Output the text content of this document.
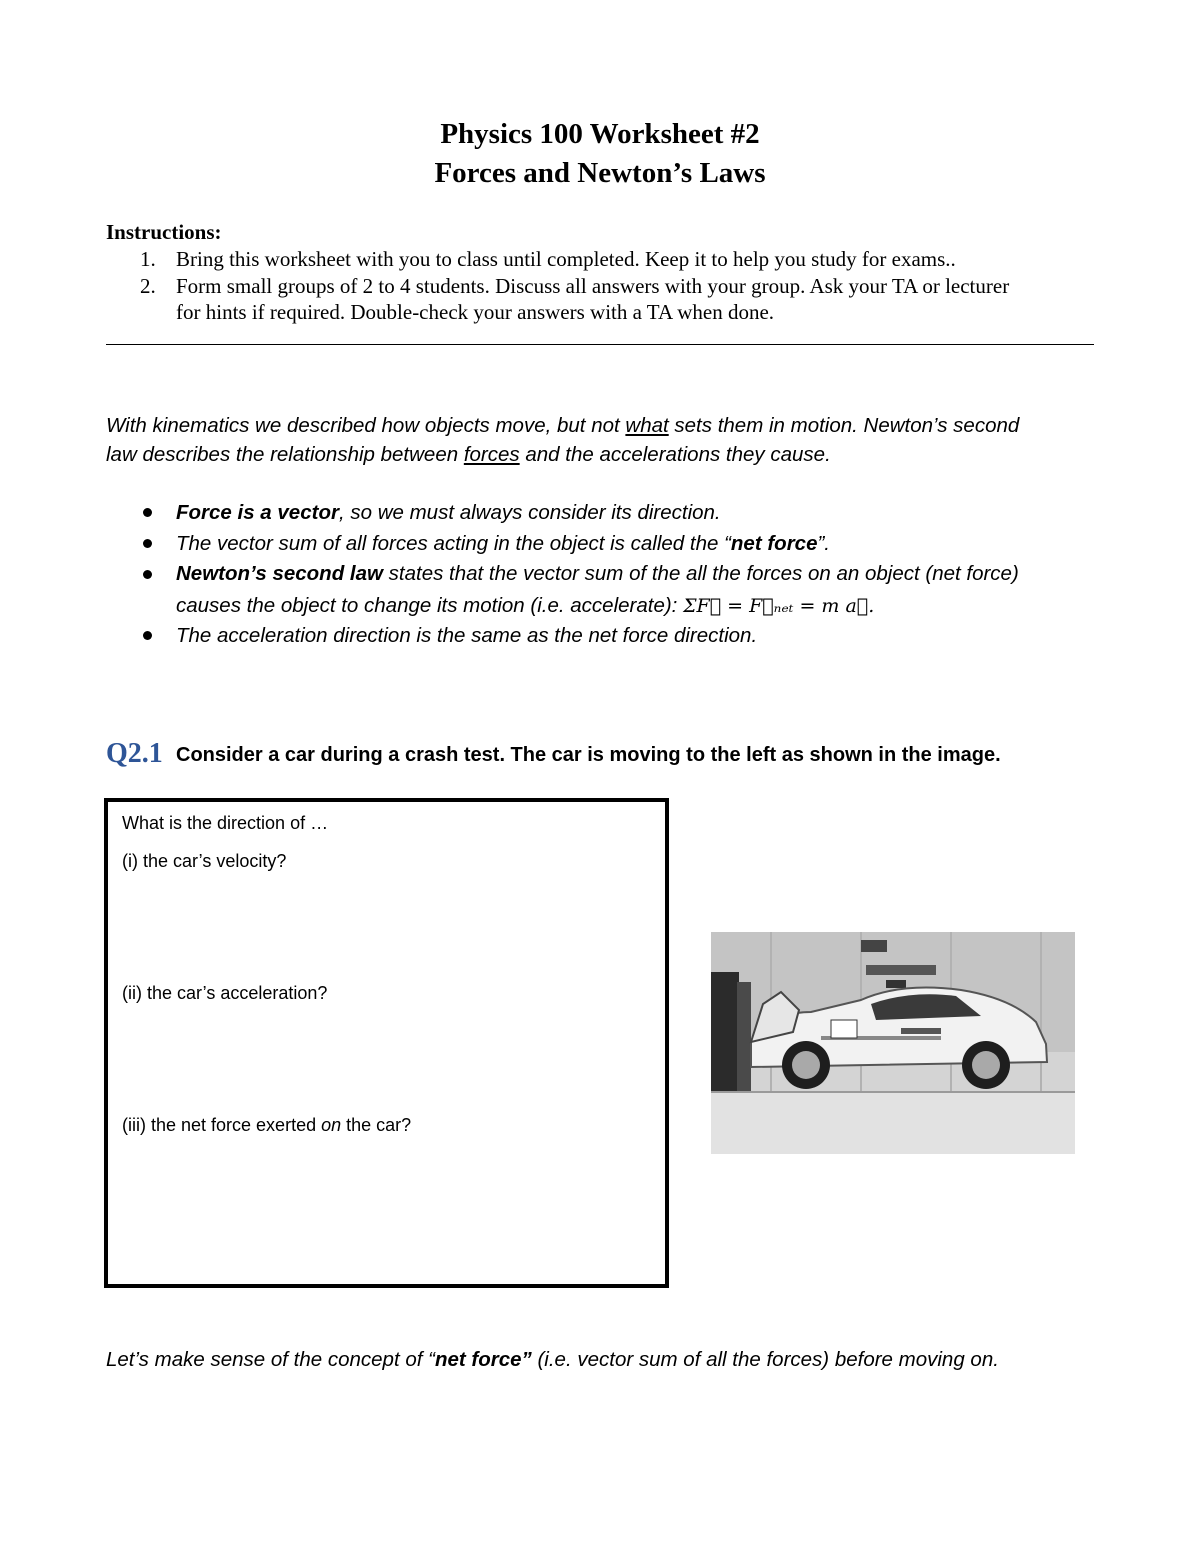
Physics 100 Worksheet #2
Forces and Newton’s Laws
Instructions:
1. Bring this worksheet with you to class until completed. Keep it to help you study for exams..
2. Form small groups of 2 to 4 students. Discuss all answers with your group. Ask your TA or lecturer
for hints if required. Double-check your answers with a TA when done.
With kinematics we described how objects move, but not what sets them in motion. Newton’s second
law describes the relationship between forces and the accelerations they cause.
Force is a vector, so we must always consider its direction.
The vector sum of all forces acting in the object is called the “net force”.
Newton’s second law states that the vector sum of the all the forces on an object (net force)
causes the object to change its motion (i.e. accelerate): ΣF⃗ = F⃗ₙₑₜ = m a⃗.
The acceleration direction is the same as the net force direction.
Q2.1 Consider a car during a crash test. The car is moving to the left as shown in the image.
What is the direction of …
(i) the car’s velocity?
(ii) the car’s acceleration?
(iii) the net force exerted on the car?
Let’s make sense of the concept of “net force” (i.e. vector sum of all the forces) before moving on.
